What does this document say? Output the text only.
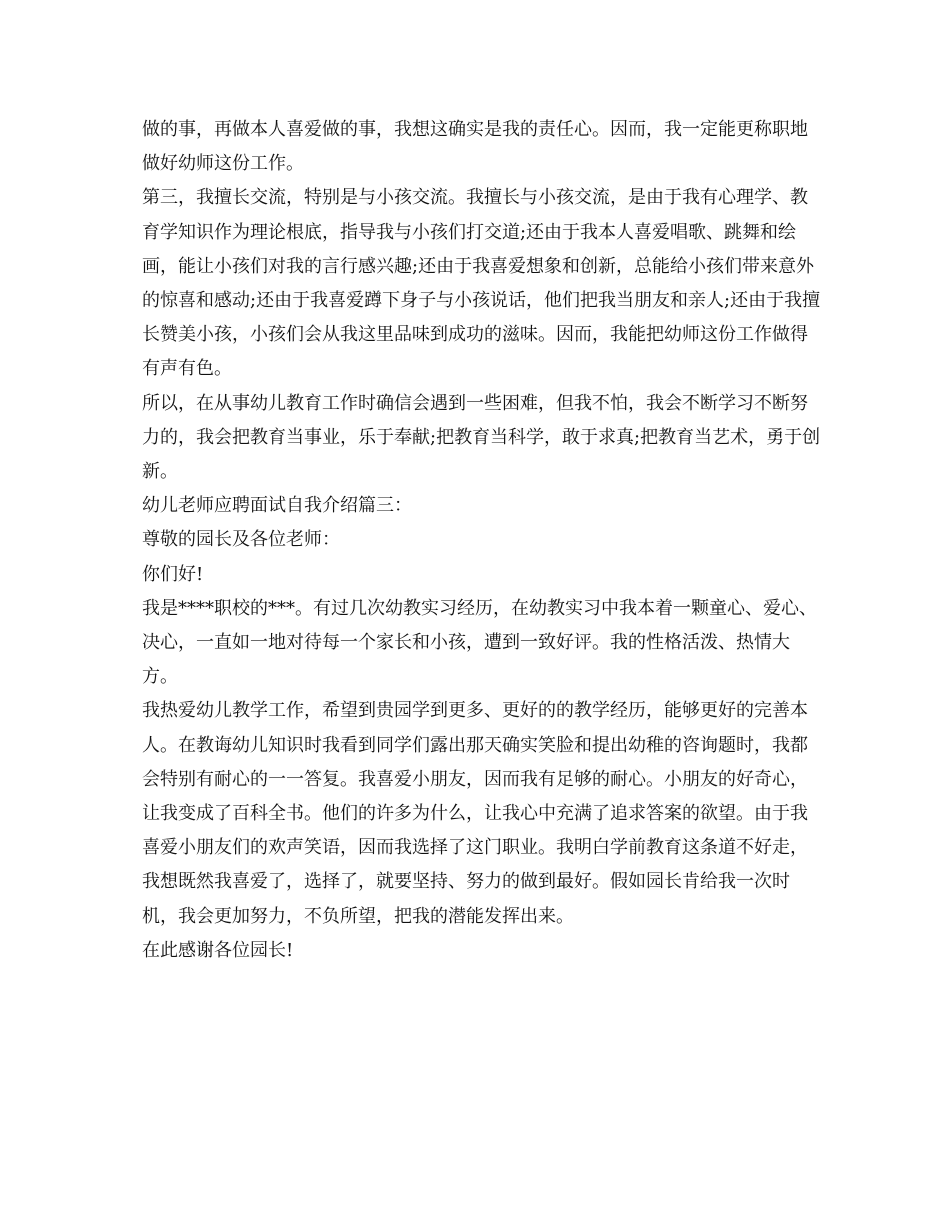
做的事，再做本人喜爱做的事，我想这确实是我的责任心。因而，我一定能更称职地做好幼师这份工作。

第三，我擅长交流，特别是与小孩交流。我擅长与小孩交流，是由于我有心理学、教育学知识作为理论根底，指导我与小孩们打交道;还由于我本人喜爱唱歌、跳舞和绘画，能让小孩们对我的言行感兴趣;还由于我喜爱想象和创新，总能给小孩们带来意外的惊喜和感动;还由于我喜爱蹲下身子与小孩说话，他们把我当朋友和亲人;还由于我擅长赞美小孩，小孩们会从我这里品味到成功的滋味。因而，我能把幼师这份工作做得有声有色。

所以，在从事幼儿教育工作时确信会遇到一些困难，但我不怕，我会不断学习不断努力的，我会把教育当事业，乐于奉献;把教育当科学，敢于求真;把教育当艺术，勇于创新。

幼儿老师应聘面试自我介绍篇三：

尊敬的园长及各位老师：

你们好!

我是****职校的***。有过几次幼教实习经历，在幼教实习中我本着一颗童心、爱心、决心，一直如一地对待每一个家长和小孩，遭到一致好评。我的性格活泼、热情大方。

我热爱幼儿教学工作，希望到贵园学到更多、更好的的教学经历，能够更好的完善本人。在教诲幼儿知识时我看到同学们露出那天确实笑脸和提出幼稚的咨询题时，我都会特别有耐心的一一答复。我喜爱小朋友，因而我有足够的耐心。小朋友的好奇心，让我变成了百科全书。他们的许多为什么，让我心中充满了追求答案的欲望。由于我喜爱小朋友们的欢声笑语，因而我选择了这门职业。我明白学前教育这条道不好走，我想既然我喜爱了，选择了，就要坚持、努力的做到最好。假如园长肯给我一次时机，我会更加努力，不负所望，把我的潜能发挥出来。

在此感谢各位园长!
